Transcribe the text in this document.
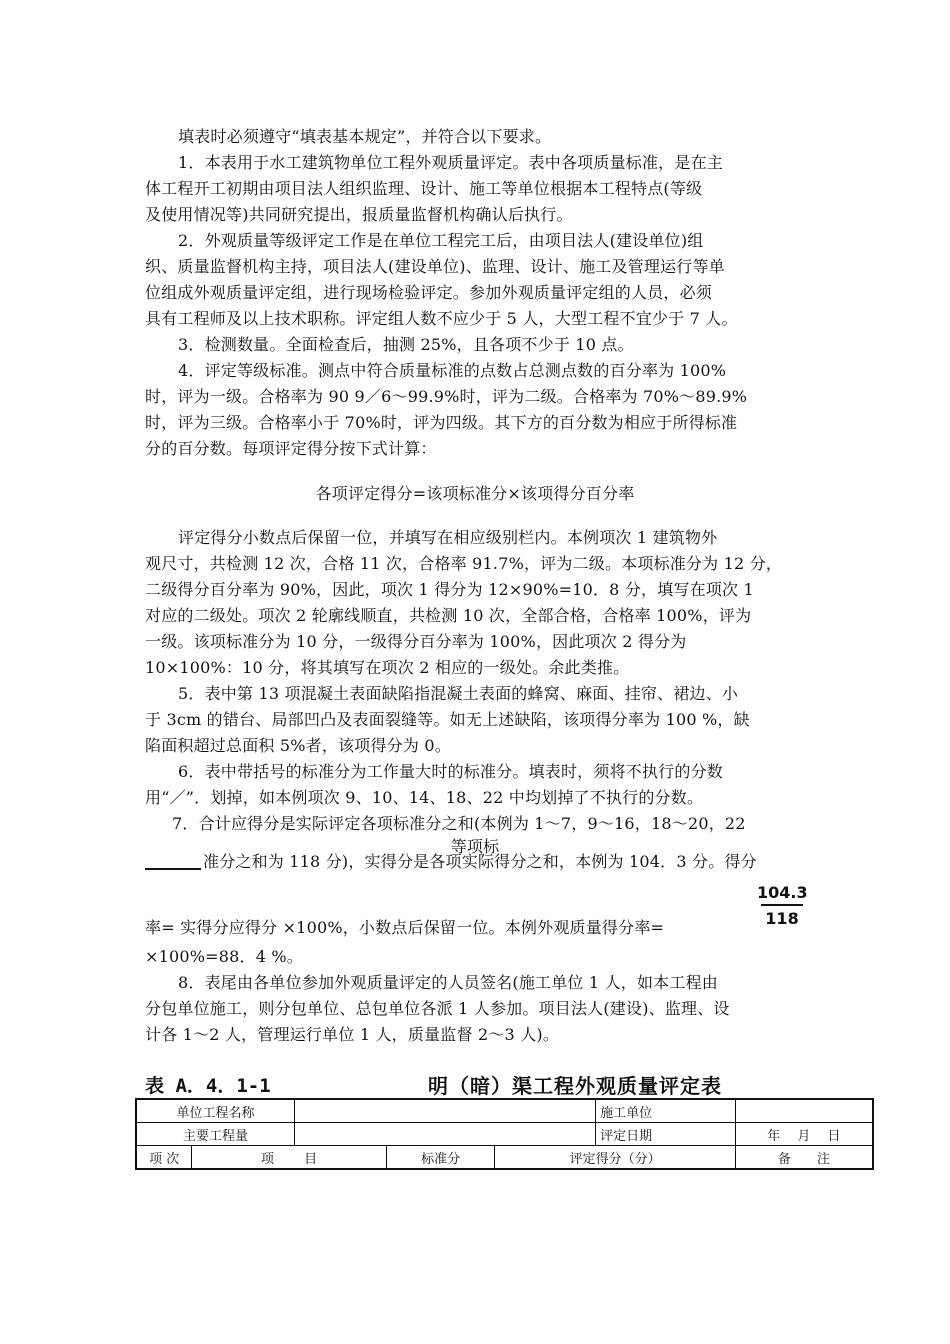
填表时必须遵守“填表基本规定”，并符合以下要求。
1．本表用于水工建筑物单位工程外观质量评定。表中各项质量标准，是在主
体工程开工初期由项目法人组织监理、设计、施工等单位根据本工程特点(等级
及使用情况等)共同研究提出，报质量监督机构确认后执行。
2．外观质量等级评定工作是在单位工程完工后，由项目法人(建设单位)组
织、质量监督机构主持，项目法人(建设单位)、监理、设计、施工及管理运行等单
位组成外观质量评定组，进行现场检验评定。参加外观质量评定组的人员，必须
具有工程师及以上技术职称。评定组人数不应少于 5 人，大型工程不宜少于 7 人。
3．检测数量。全面检查后，抽测 25%，且各项不少于 10 点。
4．评定等级标准。测点中符合质量标准的点数占总测点数的百分率为 100%
时，评为一级。合格率为 90 9／6～99.9%时，评为二级。合格率为 70%～89.9%
时，评为三级。合格率小于 70%时，评为四级。其下方的百分数为相应于所得标准
分的百分数。每项评定得分按下式计算：
各项评定得分=该项标准分×该项得分百分率
评定得分小数点后保留一位，并填写在相应级别栏内。本例项次 1 建筑物外
观尺寸，共检测 12 次，合格 11 次，合格率 91.7%，评为二级。本项标准分为 12 分，
二级得分百分率为 90%，因此，项次 1 得分为 12×90%=10．8 分，填写在项次 1
对应的二级处。项次 2 轮廓线顺直，共检测 10 次，全部合格，合格率 100%，评为
一级。该项标准分为 10 分，一级得分百分率为 100%，因此项次 2 得分为
10×100%：10 分，将其填写在项次 2 相应的一级处。余此类推。
5．表中第 13 项混凝土表面缺陷指混凝土表面的蜂窝、麻面、挂帘、裙边、小
于 3cm 的错台、局部凹凸及表面裂缝等。如无上述缺陷，该项得分率为 100 %，缺
陷面积超过总面积 5%者，该项得分为 0。
6．表中带括号的标准分为工作量大时的标准分。填表时，须将不执行的分数
用“／”．划掉，如本例项次 9、10、14、18、22 中均划掉了不执行的分数。
7．合计应得分是实际评定各项标准分之和(本例为 1～7，9～16，18～20，22
等项标
准分之和为 118 分)，实得分是各项实际得分之和，本例为 104．3 分。得分
104.3
118
率= 实得分应得分 ×100%，小数点后保留一位。本例外观质量得分率=
×100%=88．4 %。
8．表尾由各单位参加外观质量评定的人员签名(施工单位 1 人，如本工程由
分包单位施工，则分包单位、总包单位各派 1 人参加。项目法人(建设)、监理、设
计各 1～2 人，管理运行单位 1 人，质量监督 2～3 人)。
表 A．4．1-1	明（暗）渠工程外观质量评定表
单位工程名称					施工单位	
主要工程量					评定日期	年　 月　 日
项 次	项　　 目		标准分	评定得分（分）		备　　注
